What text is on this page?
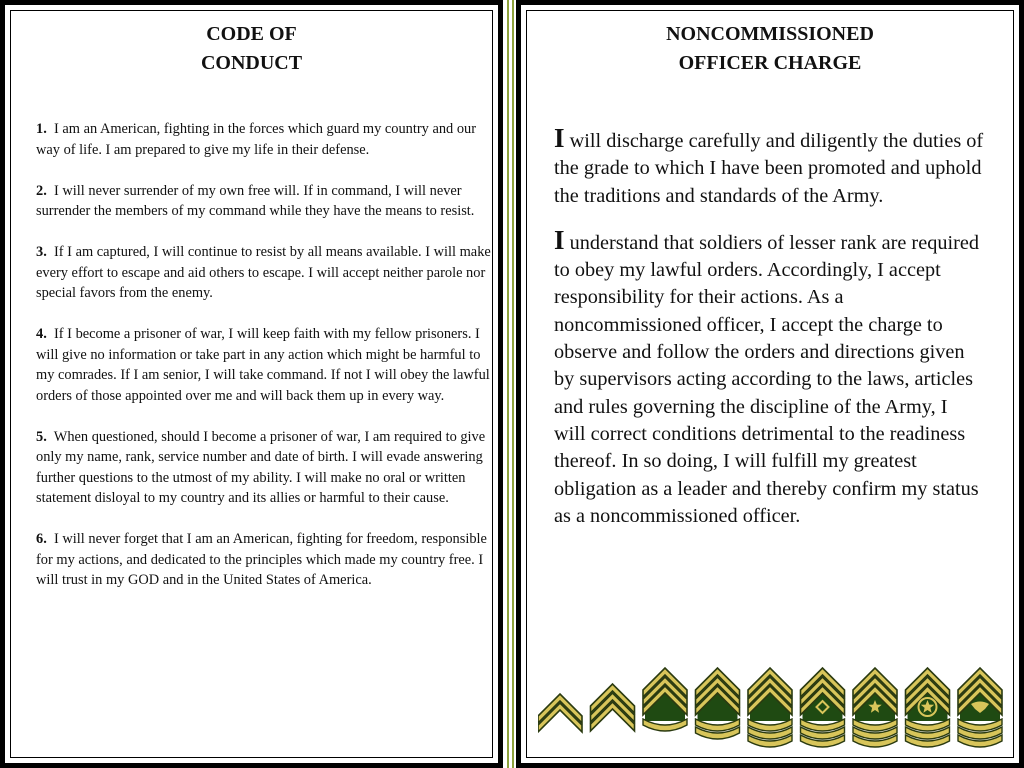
CODE OF
CONDUCT
1. I am an American, fighting in the forces which guard my country and our way of life. I am prepared to give my life in their defense.
2. I will never surrender of my own free will. If in command, I will never surrender the members of my command while they have the means to resist.
3. If I am captured, I will continue to resist by all means available. I will make every effort to escape and aid others to escape. I will accept neither parole nor special favors from the enemy.
4. If I become a prisoner of war, I will keep faith with my fellow prisoners. I will give no information or take part in any action which might be harmful to my comrades. If I am senior, I will take command. If not I will obey the lawful orders of those appointed over me and will back them up in every way.
5. When questioned, should I become a prisoner of war, I am required to give only my name, rank, service number and date of birth. I will evade answering further questions to the utmost of my ability. I will make no oral or written statement disloyal to my country and its allies or harmful to their cause.
6. I will never forget that I am an American, fighting for freedom, responsible for my actions, and dedicated to the principles which made my country free. I will trust in my GOD and in the United States of America.
NONCOMMISSIONED
OFFICER CHARGE

I will discharge carefully and diligently the duties of the grade to which I have been promoted and uphold the traditions and standards of the Army.

I understand that soldiers of lesser rank are required to obey my lawful orders. Accordingly, I accept responsibility for their actions. As a noncommissioned officer, I accept the charge to observe and follow the orders and directions given by supervisors acting according to the laws, articles and rules governing the discipline of the Army, I will correct conditions detrimental to the readiness thereof. In so doing, I will fulfill my greatest obligation as a leader and thereby confirm my status as a noncommissioned officer.
